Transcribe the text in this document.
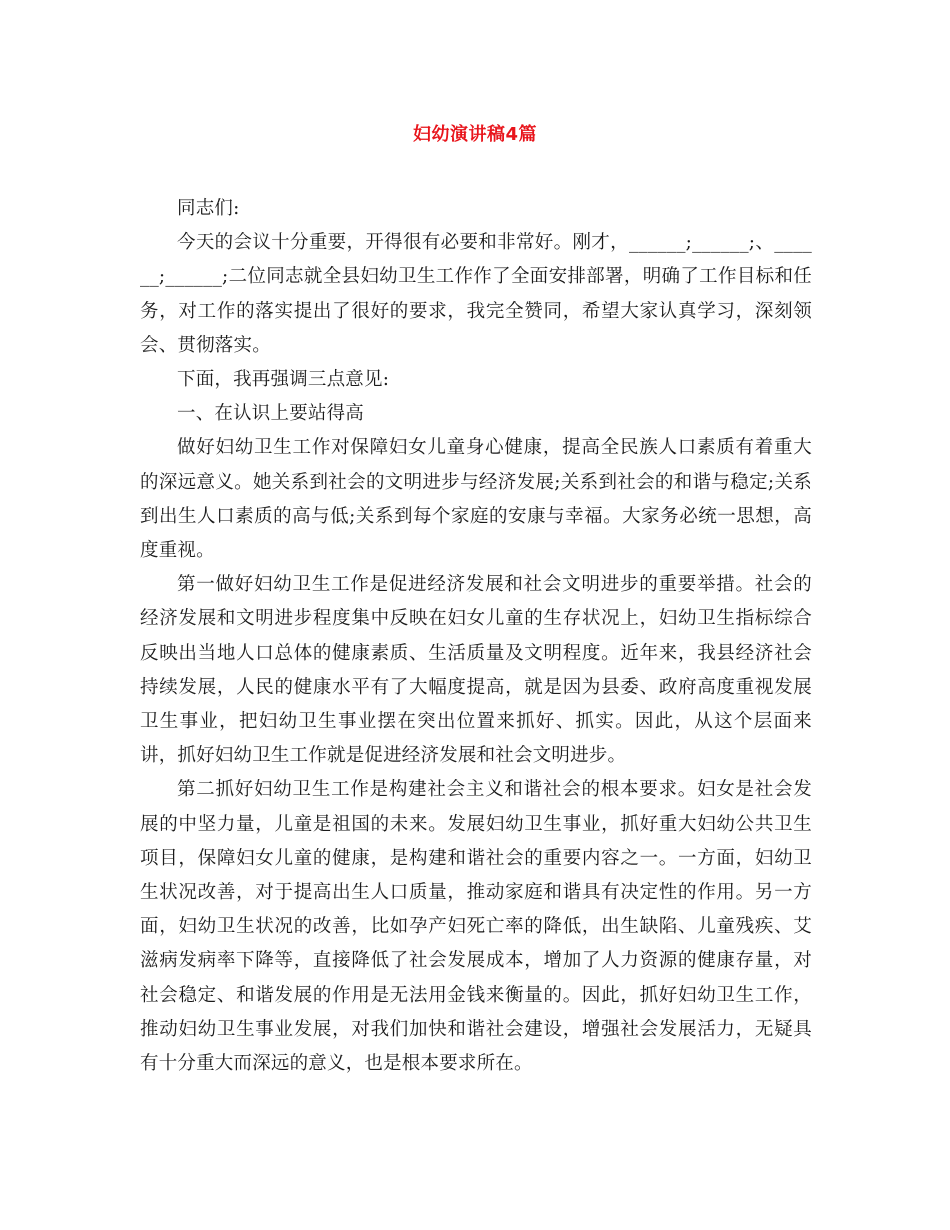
妇幼演讲稿4篇

同志们:

今天的会议十分重要，开得很有必要和非常好。刚才，______;______;、______;______;二位同志就全县妇幼卫生工作作了全面安排部署，明确了工作目标和任务，对工作的落实提出了很好的要求，我完全赞同，希望大家认真学习，深刻领会、贯彻落实。

下面，我再强调三点意见:

一、在认识上要站得高

做好妇幼卫生工作对保障妇女儿童身心健康，提高全民族人口素质有着重大的深远意义。她关系到社会的文明进步与经济发展;关系到社会的和谐与稳定;关系到出生人口素质的高与低;关系到每个家庭的安康与幸福。大家务必统一思想，高度重视。

第一做好妇幼卫生工作是促进经济发展和社会文明进步的重要举措。社会的经济发展和文明进步程度集中反映在妇女儿童的生存状况上，妇幼卫生指标综合反映出当地人口总体的健康素质、生活质量及文明程度。近年来，我县经济社会持续发展，人民的健康水平有了大幅度提高，就是因为县委、政府高度重视发展卫生事业，把妇幼卫生事业摆在突出位置来抓好、抓实。因此，从这个层面来讲，抓好妇幼卫生工作就是促进经济发展和社会文明进步。

第二抓好妇幼卫生工作是构建社会主义和谐社会的根本要求。妇女是社会发展的中坚力量，儿童是祖国的未来。发展妇幼卫生事业，抓好重大妇幼公共卫生项目，保障妇女儿童的健康，是构建和谐社会的重要内容之一。一方面，妇幼卫生状况改善，对于提高出生人口质量，推动家庭和谐具有决定性的作用。另一方面，妇幼卫生状况的改善，比如孕产妇死亡率的降低，出生缺陷、儿童残疾、艾滋病发病率下降等，直接降低了社会发展成本，增加了人力资源的健康存量，对社会稳定、和谐发展的作用是无法用金钱来衡量的。因此，抓好妇幼卫生工作，推动妇幼卫生事业发展，对我们加快和谐社会建设，增强社会发展活力，无疑具有十分重大而深远的意义，也是根本要求所在。
